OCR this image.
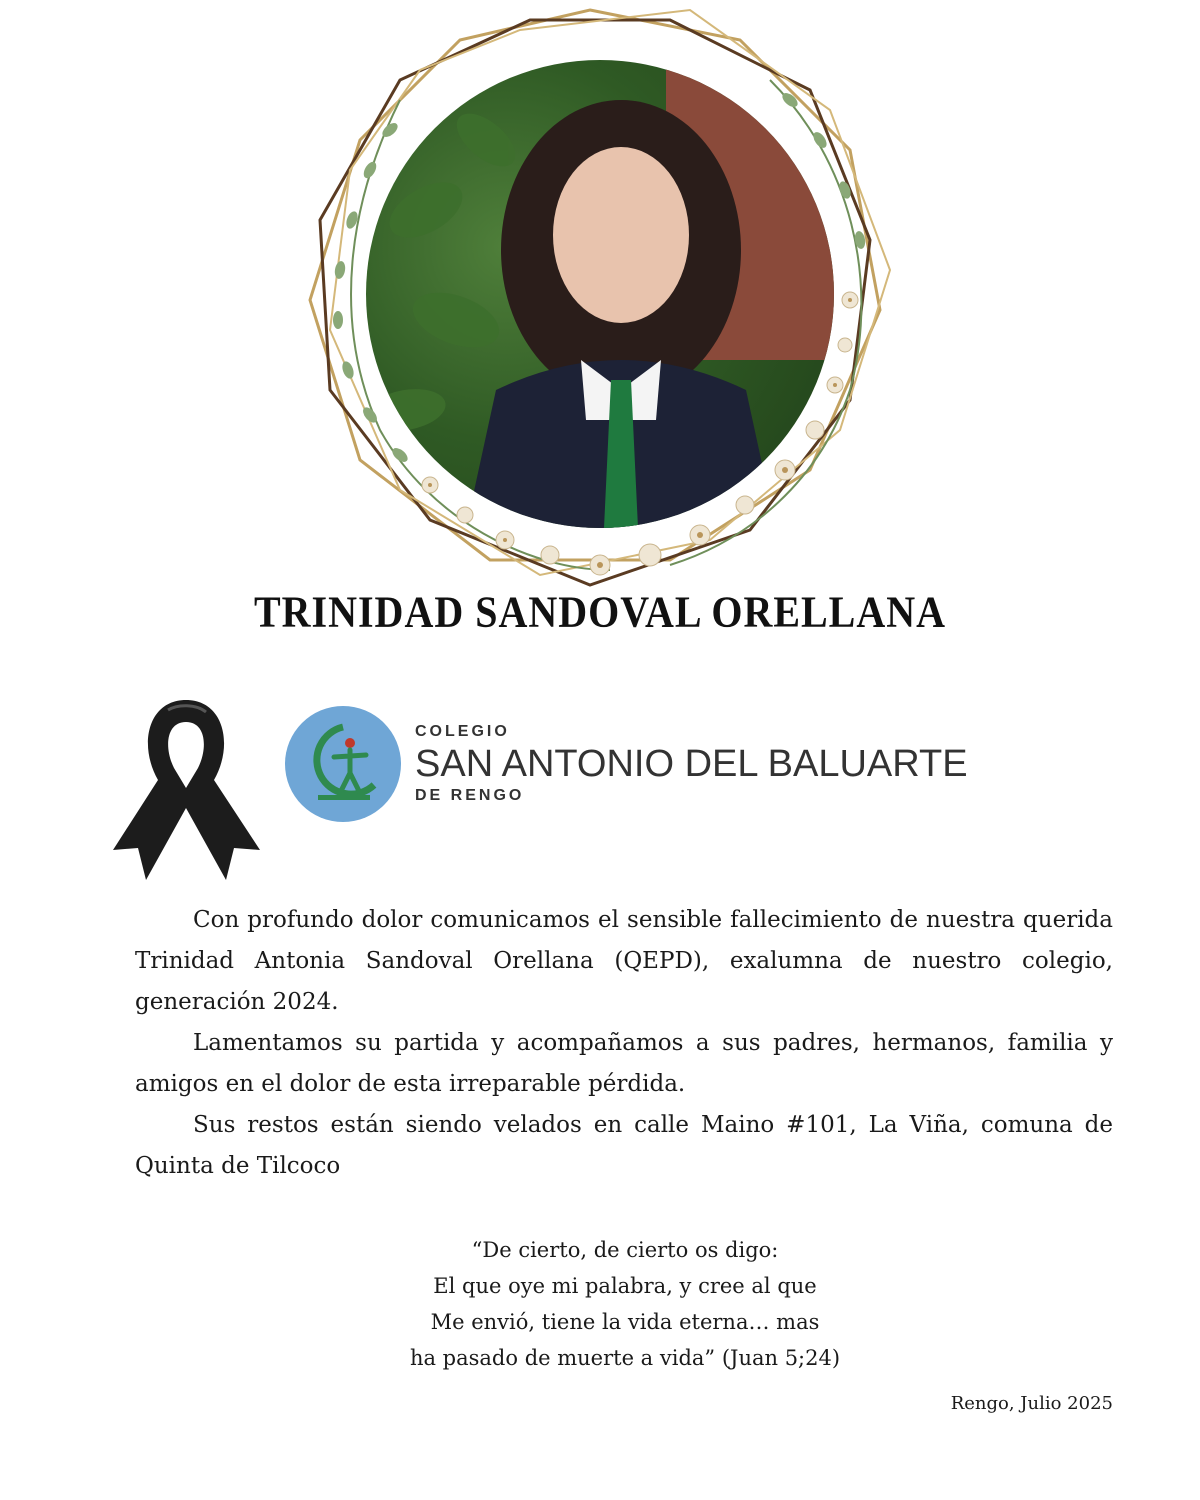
TRINIDAD SANDOVAL ORELLANA
COLEGIO
SAN ANTONIO DEL BALUARTE
DE RENGO

Con profundo dolor comunicamos el sensible fallecimiento de nuestra querida Trinidad Antonia Sandoval Orellana (QEPD), exalumna de nuestro colegio, generación 2024.

Lamentamos su partida y acompañamos a sus padres, hermanos, familia y amigos en el dolor de esta irreparable pérdida.

Sus restos están siendo velados en calle Maino #101, La Viña, comuna de Quinta de Tilcoco

“De cierto, de cierto os digo:
El que oye mi palabra, y cree al que
Me envió, tiene la vida eterna… mas
ha pasado de muerte a vida” (Juan 5;24)
Rengo, Julio 2025
